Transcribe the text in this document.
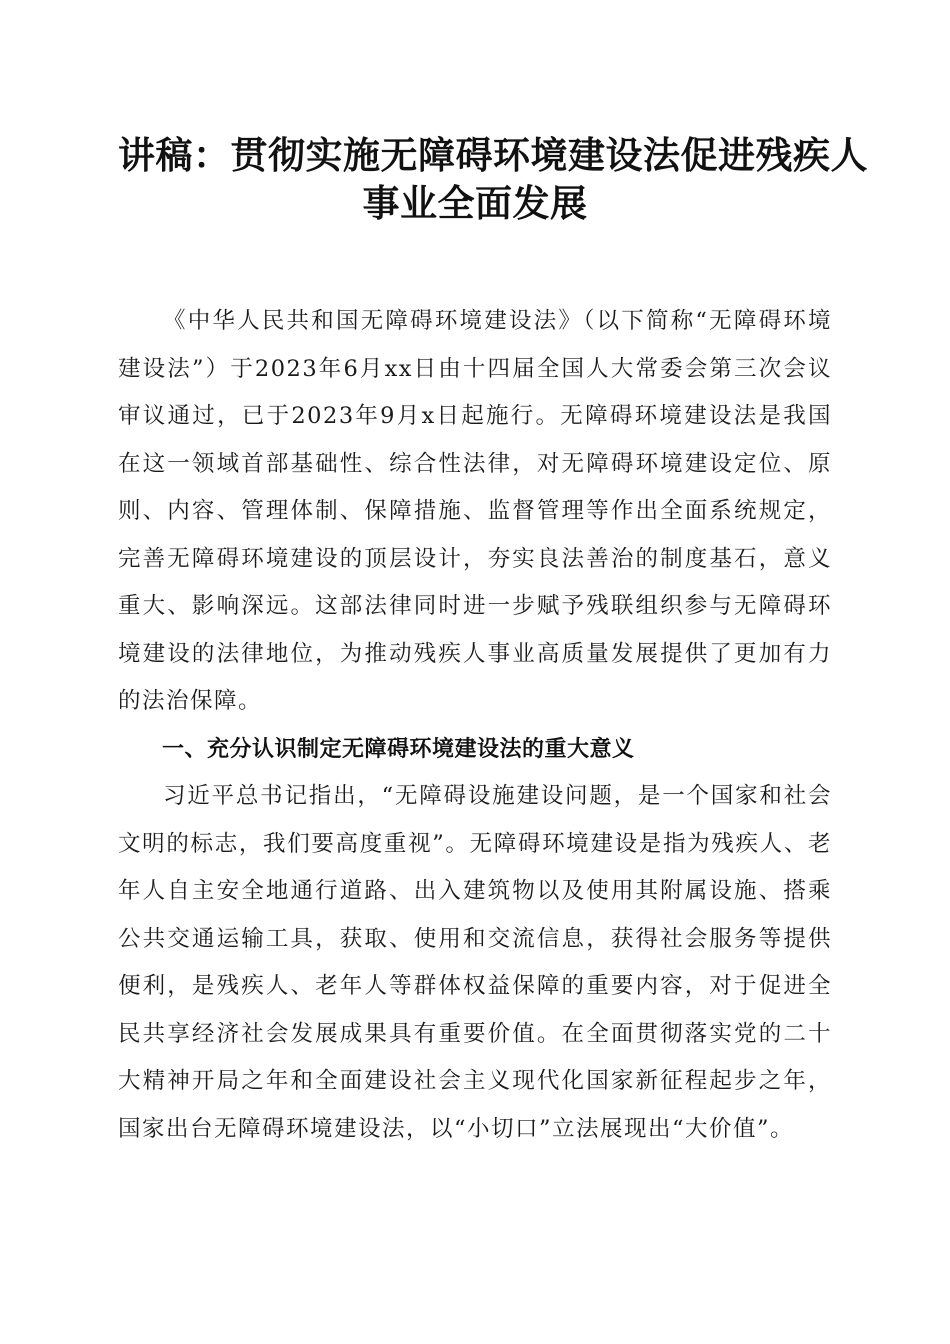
讲稿：贯彻实施无障碍环境建设法促进残疾人
事业全面发展

《中华人民共和国无障碍环境建设法》（以下简称“无障碍环境建设法”）于2023年6月xx日由十四届全国人大常委会第三次会议审议通过，已于2023年9月x日起施行。无障碍环境建设法是我国在这一领域首部基础性、综合性法律，对无障碍环境建设定位、原则、内容、管理体制、保障措施、监督管理等作出全面系统规定，完善无障碍环境建设的顶层设计，夯实良法善治的制度基石，意义重大、影响深远。这部法律同时进一步赋予残联组织参与无障碍环境建设的法律地位，为推动残疾人事业高质量发展提供了更加有力的法治保障。

一、充分认识制定无障碍环境建设法的重大意义

习近平总书记指出，“无障碍设施建设问题，是一个国家和社会文明的标志，我们要高度重视”。无障碍环境建设是指为残疾人、老年人自主安全地通行道路、出入建筑物以及使用其附属设施、搭乘公共交通运输工具，获取、使用和交流信息，获得社会服务等提供便利，是残疾人、老年人等群体权益保障的重要内容，对于促进全民共享经济社会发展成果具有重要价值。在全面贯彻落实党的二十大精神开局之年和全面建设社会主义现代化国家新征程起步之年，国家出台无障碍环境建设法，以“小切口”立法展现出“大价值”。
